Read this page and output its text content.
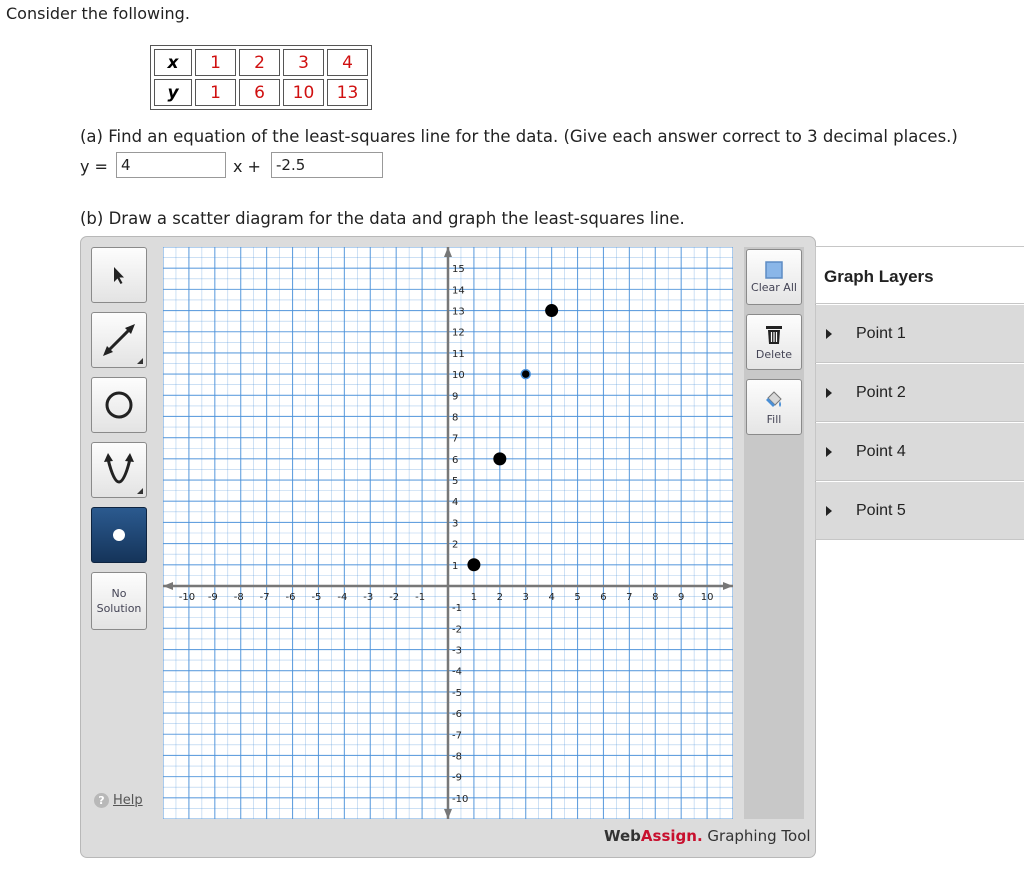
Consider the following.
x	1	2	3	4
y	1	6	10	13
(a) Find an equation of the least-squares line for the data. (Give each answer correct to 3 decimal places.)
y =
4	x +
-2.5
(b) Draw a scatter diagram for the data and graph the least-squares line.
No Solution
? Help
-10 -9 -8 -7 -6 -5 -4 -3 -2 -1	1 2 3 4 5 6 7 8 9 10
15
14
13
12
11
10
9
8
7
6
5
4
3
2
1
-1
-2
-3
-4
-5
-6
-7
-8
-9
-10
Clear All
Delete
Fill
WebAssign. Graphing Tool
Graph Layers
Point 1
Point 2
Point 4
Point 5
